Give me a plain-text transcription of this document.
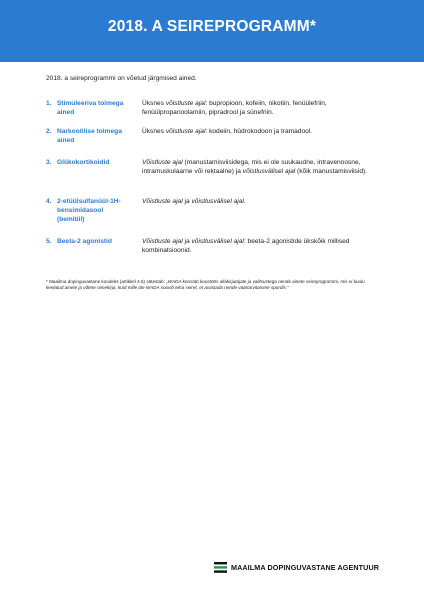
2018. A SEIREPROGRAMM*
2018. a seireprogrammi on võetud järgmised ained.
1. Stimuleeriva toimega
ained
Üksnes võistluste ajal: bupropioon, kofeiin, nikotiin, fenüülefriin, fenüülpropanoolamiin, pipradrool ja sünefriin.
2. Narkootilise toimega
ained
Üksnes võistluste ajal: kodeiin, hüdrokodoon ja tramadool.
3. Glükokortikoidid	Võistluste ajal (manustamisviisidega, mis ei ole suukaudne, intravenoosne, intramuskulaarne või rektaalne) ja võistlusvälisel ajal (kõik manustamisviisid).
4. 2-etüülsulfanüül-1H-
bensimidasool
(bemitiil)
Võistluste ajal ja võistlusvälisel ajal.
5. Beeta-2 agonistid	Võistluste ajal ja võistlusvälisel ajal: beeta-2 agonistide ükskõik millised kombinatsioonid.
* Maailma dopinguvastane koodeks (artikkel 4.5) sätestab: „WADA koostab koostöös allakirjutajate ja valitsustega nende ainete seireprogrammi, mis ei kuulu keelatud ainete ja võtete nimekirja, kuid mille üle WADA soovib teha seiret, et avastada nende väärtarvitamine spordis.“
MAAILMA DOPINGUVASTANE AGENTUUR
